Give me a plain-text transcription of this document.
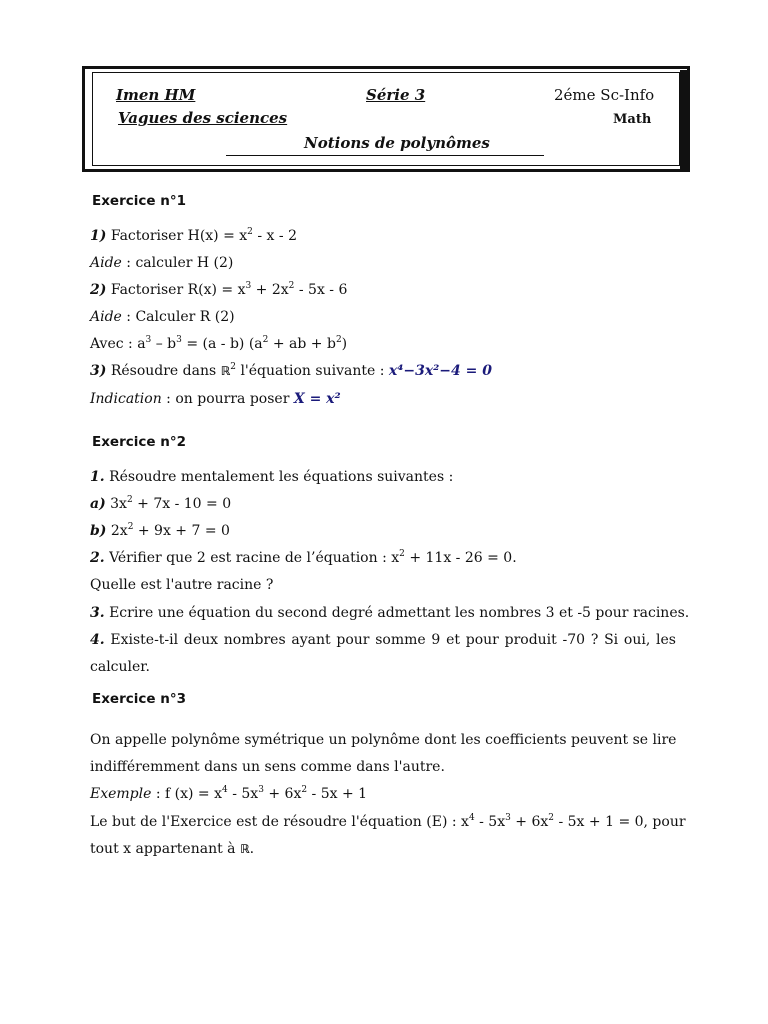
Imen HM	Série 3	2éme Sc-Info
Vagues des sciences	Math
Notions de polynômes
Exercice n°1
1) Factoriser $H(x) = x^2 - x - 2$
Aide : calculer H (2)
2) Factoriser $R(x) = x^3 + 2x^2 - 5x - 6$
Aide : Calculer R (2)
Avec : $a^3 - b^3 = (a - b) (a^2$ + ab + $b^2$)
3) Résoudre dans ℝ$^2$ l'équation suivante : x⁴−3x²−4 = 0
Indication : on pourra poser X = x²
Exercice n°2
1. Résoudre mentalement les équations suivantes :
a) $3x^2 + 7x - 10 = 0$
b) $2x^2 + 9x + 7 = 0$
2. Vérifier que 2 est racine de l’équation : $x^2 + 11x - 26 = 0$.
Quelle est l'autre racine ?
3. Ecrire une équation du second degré admettant les nombres 3 et -5 pour racines.
4. Existe-t-il deux nombres ayant pour somme 9 et pour produit -70 ? Si oui, les
calculer.
Exercice n°3
On appelle polynôme symétrique un polynôme dont les coefficients peuvent se lire
indifféremment dans un sens comme dans l'autre.
Exemple : f $(x) = x^4 - 5x^3 + 6x^2 - 5x + 1$
Le but de l'Exercice est de résoudre l'équation (E) : $x^4 - 5x^3 + 6x^2 - 5x + 1 = 0$, pour
tout x appartenant à ℝ.
